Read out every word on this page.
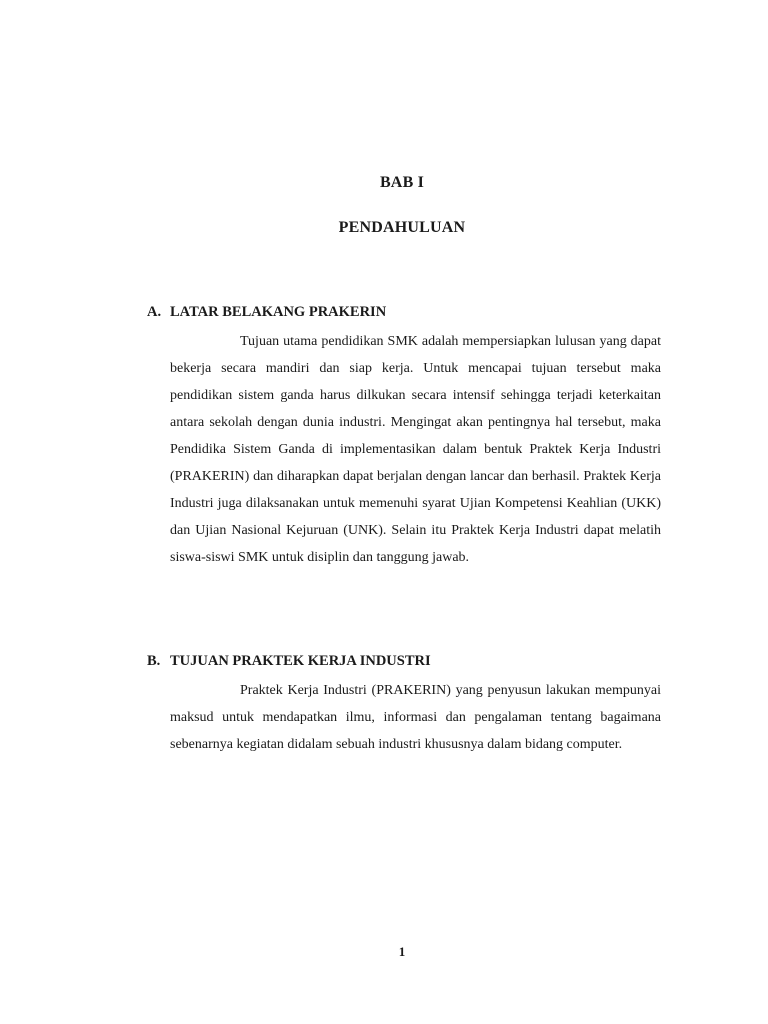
BAB I
PENDAHULUAN
A. LATAR BELAKANG PRAKERIN

Tujuan utama pendidikan SMK adalah mempersiapkan lulusan yang dapat bekerja secara mandiri dan siap kerja. Untuk mencapai tujuan tersebut maka pendidikan sistem ganda harus dilkukan secara intensif sehingga terjadi keterkaitan antara sekolah dengan dunia industri. Mengingat akan pentingnya hal tersebut, maka Pendidika Sistem Ganda di implementasikan dalam bentuk Praktek Kerja Industri (PRAKERIN) dan diharapkan dapat berjalan dengan lancar dan berhasil. Praktek Kerja Industri juga dilaksanakan untuk memenuhi syarat Ujian Kompetensi Keahlian (UKK) dan Ujian Nasional Kejuruan (UNK). Selain itu Praktek Kerja Industri dapat melatih siswa-siswi SMK untuk disiplin dan tanggung jawab.

B. TUJUAN PRAKTEK KERJA INDUSTRI

Praktek Kerja Industri (PRAKERIN) yang penyusun lakukan mempunyai maksud untuk mendapatkan ilmu, informasi dan pengalaman tentang bagaimana sebenarnya kegiatan didalam sebuah industri khususnya dalam bidang computer.

1
